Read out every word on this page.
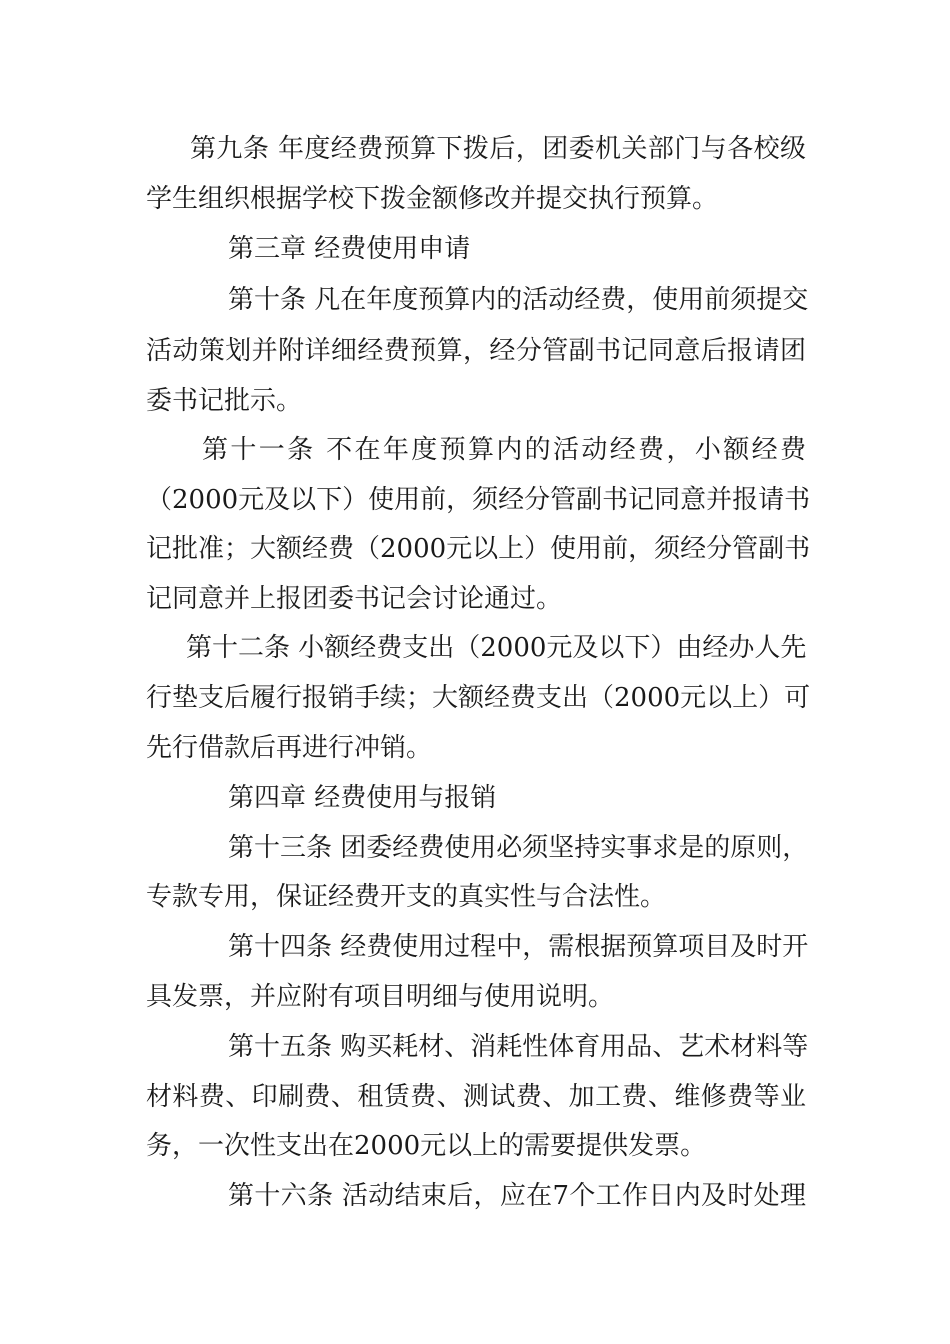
第九条 年度经费预算下拨后，团委机关部门与各校级
学生组织根据学校下拨金额修改并提交执行预算。
第三章 经费使用申请
第十条 凡在年度预算内的活动经费，使用前须提交
活动策划并附详细经费预算，经分管副书记同意后报请团
委书记批示。
第十一条 不在年度预算内的活动经费，小额经费
（2000元及以下）使用前，须经分管副书记同意并报请书
记批准；大额经费（2000元以上）使用前，须经分管副书
记同意并上报团委书记会讨论通过。
第十二条 小额经费支出（2000元及以下）由经办人先
行垫支后履行报销手续；大额经费支出（2000元以上）可
先行借款后再进行冲销。
第四章 经费使用与报销
第十三条 团委经费使用必须坚持实事求是的原则，
专款专用，保证经费开支的真实性与合法性。
第十四条 经费使用过程中，需根据预算项目及时开
具发票，并应附有项目明细与使用说明。
第十五条 购买耗材、消耗性体育用品、艺术材料等
材料费、印刷费、租赁费、测试费、加工费、维修费等业
务，一次性支出在2000元以上的需要提供发票。
第十六条 活动结束后，应在7个工作日内及时处理
